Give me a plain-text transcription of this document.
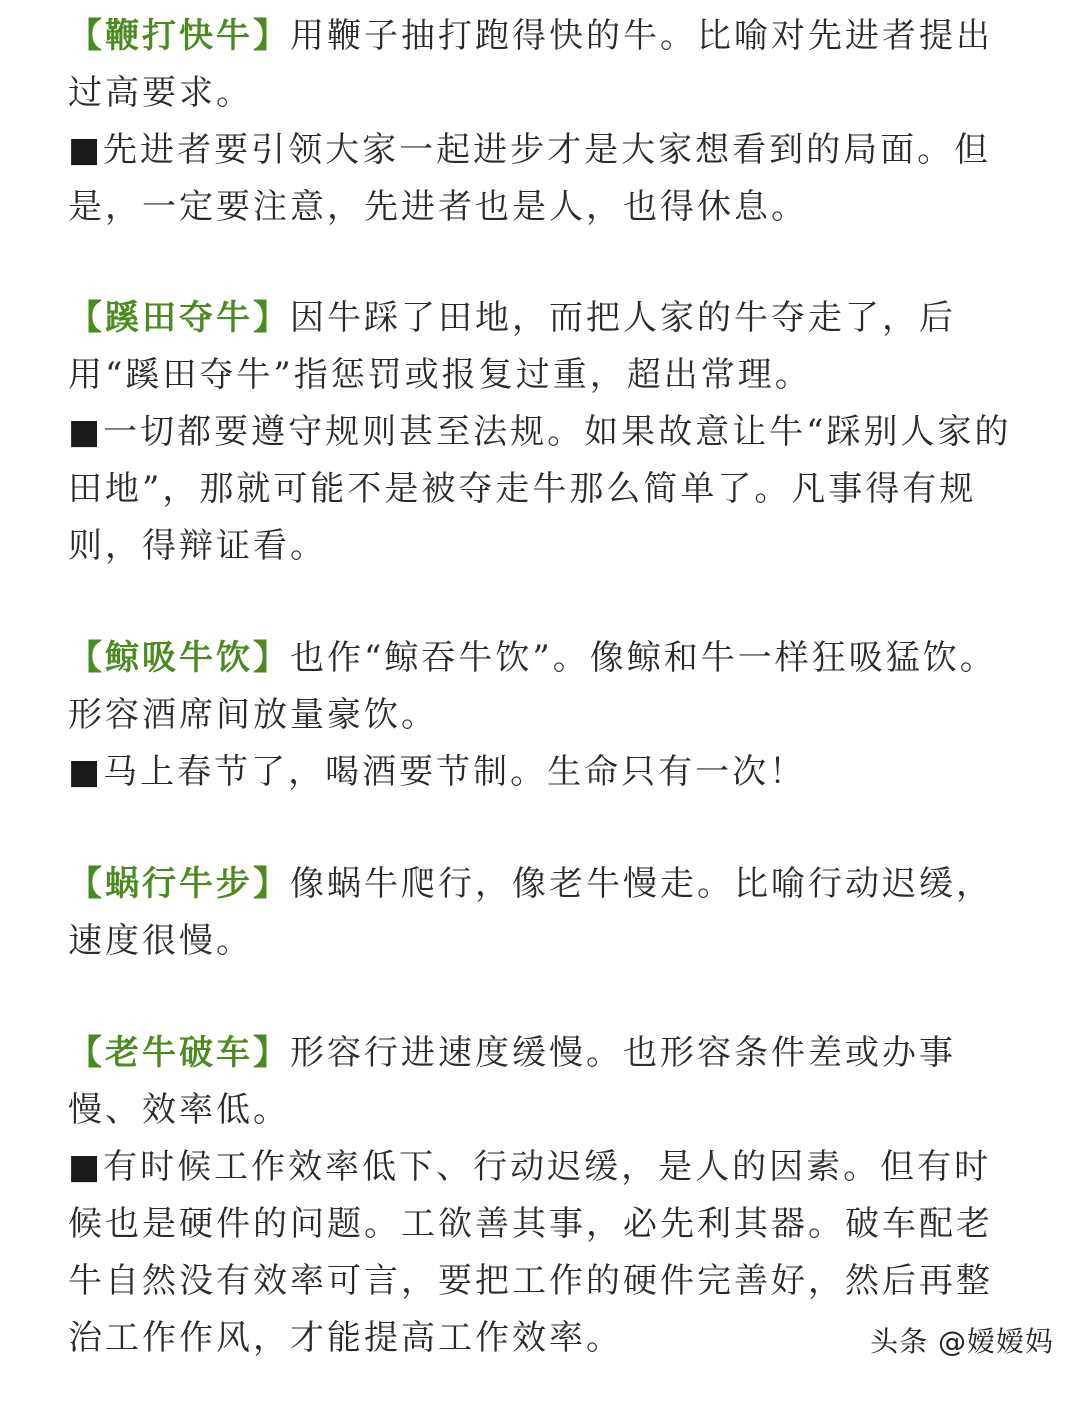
【鞭打快牛】用鞭子抽打跑得快的牛。比喻对先进者提出过高要求。

■先进者要引领大家一起进步才是大家想看到的局面。但是，一定要注意，先进者也是人，也得休息。

【蹊田夺牛】因牛踩了田地，而把人家的牛夺走了，后用“蹊田夺牛”指惩罚或报复过重，超出常理。

■一切都要遵守规则甚至法规。如果故意让牛“踩别人家的田地”，那就可能不是被夺走牛那么简单了。凡事得有规则，得辩证看。

【鲸吸牛饮】也作“鲸吞牛饮”。像鲸和牛一样狂吸猛饮。形容酒席间放量豪饮。

■马上春节了，喝酒要节制。生命只有一次！

【蜗行牛步】像蜗牛爬行，像老牛慢走。比喻行动迟缓，速度很慢。

【老牛破车】形容行进速度缓慢。也形容条件差或办事慢、效率低。

■有时候工作效率低下、行动迟缓，是人的因素。但有时候也是硬件的问题。工欲善其事，必先利其器。破车配老牛自然没有效率可言，要把工作的硬件完善好，然后再整治工作作风，才能提高工作效率。	头条 @嫒嫒妈
